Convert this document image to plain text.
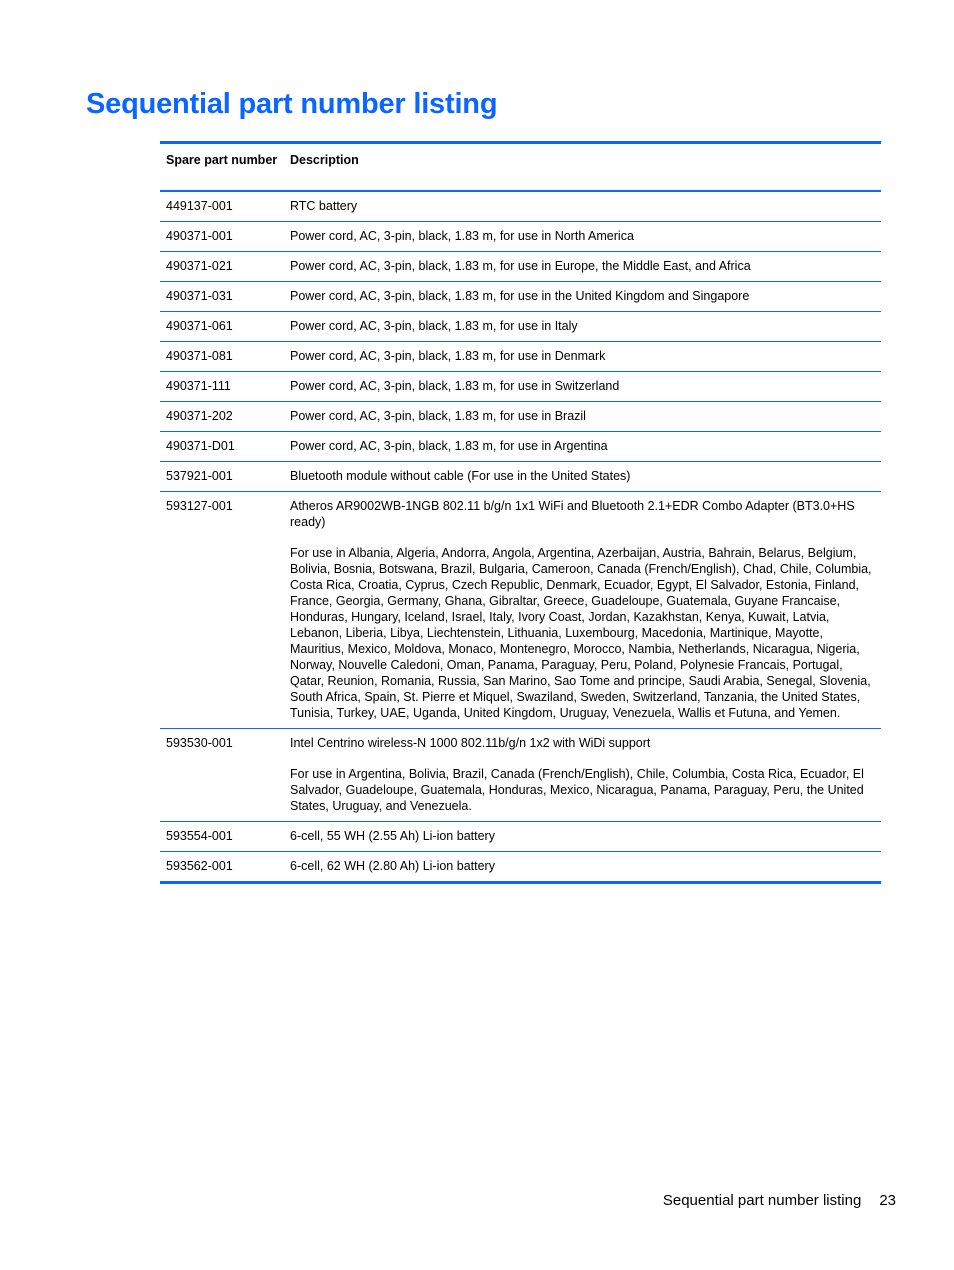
Sequential part number listing
Spare part number	Description
449137-001	RTC battery

490371-001	Power cord, AC, 3-pin, black, 1.83 m, for use in North America

490371-021	Power cord, AC, 3-pin, black, 1.83 m, for use in Europe, the Middle East, and Africa

490371-031	Power cord, AC, 3-pin, black, 1.83 m, for use in the United Kingdom and Singapore

490371-061	Power cord, AC, 3-pin, black, 1.83 m, for use in Italy

490371-081	Power cord, AC, 3-pin, black, 1.83 m, for use in Denmark

490371-111	Power cord, AC, 3-pin, black, 1.83 m, for use in Switzerland

490371-202	Power cord, AC, 3-pin, black, 1.83 m, for use in Brazil

490371-D01	Power cord, AC, 3-pin, black, 1.83 m, for use in Argentina

537921-001	Bluetooth module without cable (For use in the United States)

593127-001	Atheros AR9002WB-1NGB 802.11 b/g/n 1x1 WiFi and Bluetooth 2.1+EDR Combo Adapter (BT3.0+HS ready)

For use in Albania, Algeria, Andorra, Angola, Argentina, Azerbaijan, Austria, Bahrain, Belarus, Belgium, Bolivia, Bosnia, Botswana, Brazil, Bulgaria, Cameroon, Canada (French/English), Chad, Chile, Columbia, Costa Rica, Croatia, Cyprus, Czech Republic, Denmark, Ecuador, Egypt, El Salvador, Estonia, Finland, France, Georgia, Germany, Ghana, Gibraltar, Greece, Guadeloupe, Guatemala, Guyane Francaise, Honduras, Hungary, Iceland, Israel, Italy, Ivory Coast, Jordan, Kazakhstan, Kenya, Kuwait, Latvia, Lebanon, Liberia, Libya, Liechtenstein, Lithuania, Luxembourg, Macedonia, Martinique, Mayotte, Mauritius, Mexico, Moldova, Monaco, Montenegro, Morocco, Nambia, Netherlands, Nicaragua, Nigeria, Norway, Nouvelle Caledoni, Oman, Panama, Paraguay, Peru, Poland, Polynesie Francais, Portugal, Qatar, Reunion, Romania, Russia, San Marino, Sao Tome and principe, Saudi Arabia, Senegal, Slovenia, South Africa, Spain, St. Pierre et Miquel, Swaziland, Sweden, Switzerland, Tanzania, the United States, Tunisia, Turkey, UAE, Uganda, United Kingdom, Uruguay, Venezuela, Wallis et Futuna, and Yemen.

593530-001	Intel Centrino wireless-N 1000 802.11b/g/n 1x2 with WiDi support

For use in Argentina, Bolivia, Brazil, Canada (French/English), Chile, Columbia, Costa Rica, Ecuador, El Salvador, Guadeloupe, Guatemala, Honduras, Mexico, Nicaragua, Panama, Paraguay, Peru, the United States, Uruguay, and Venezuela.

593554-001	6-cell, 55 WH (2.55 Ah) Li-ion battery

593562-001	6-cell, 62 WH (2.80 Ah) Li-ion battery

Sequential part number listing 23
